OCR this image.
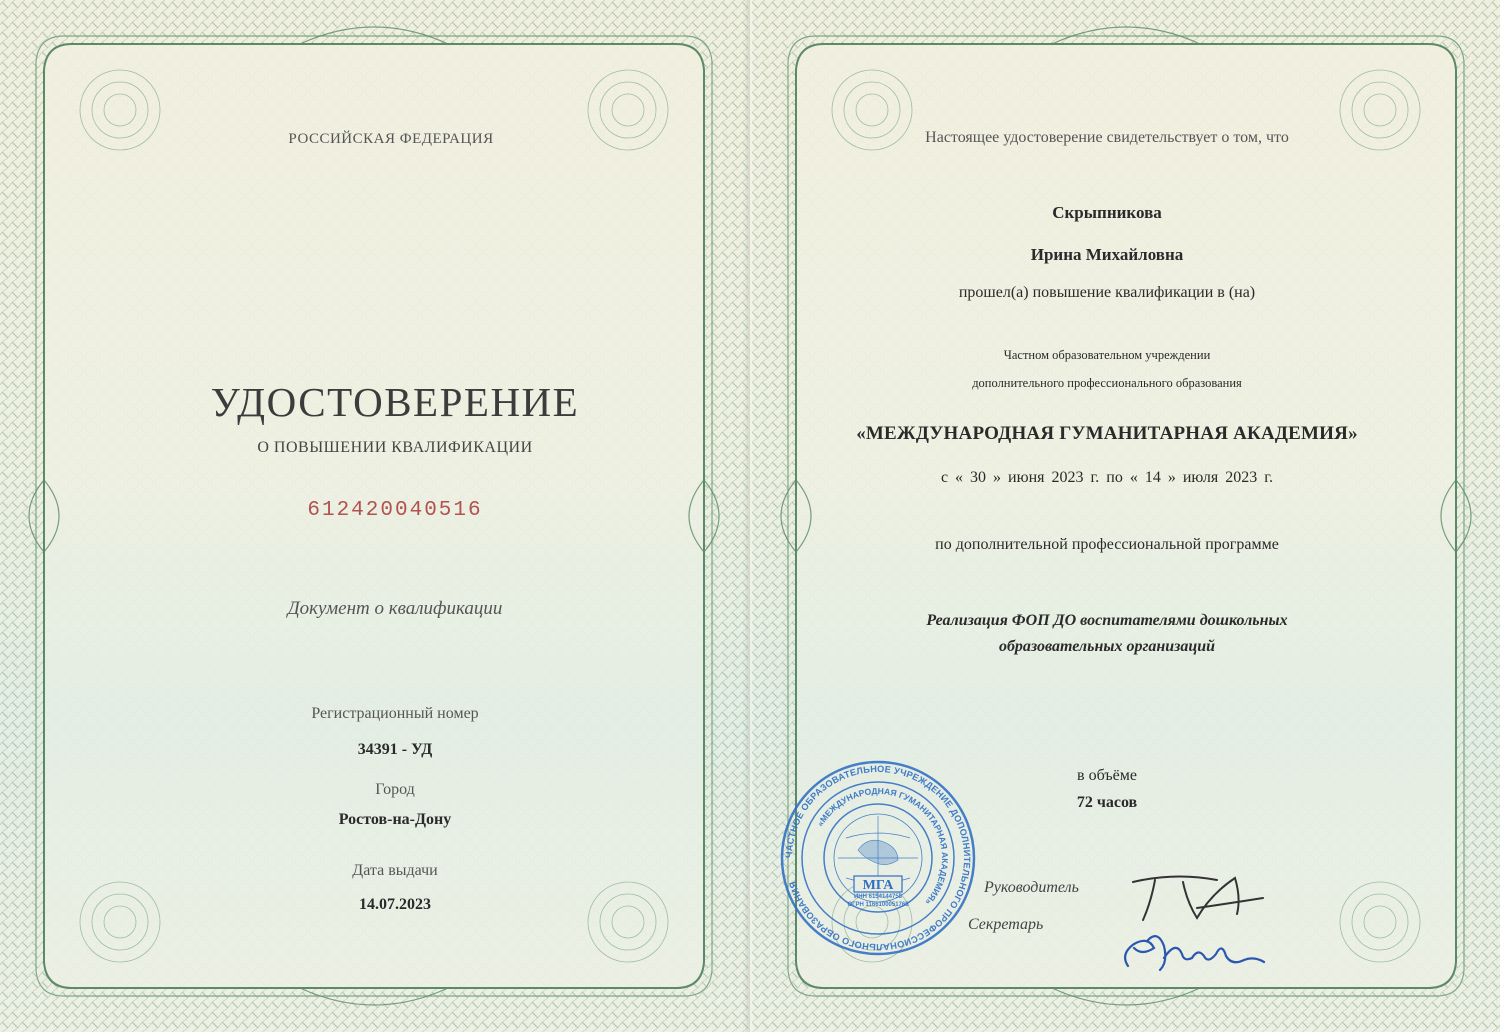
РОССИЙСКАЯ ФЕДЕРАЦИЯ
УДОСТОВЕРЕНИЕ
О ПОВЫШЕНИИ КВАЛИФИКАЦИИ
612420040516
Документ о квалификации
Регистрационный номер
34391 - УД
Город
Ростов-на-Дону
Дата выдачи
14.07.2023
Настоящее удостоверение свидетельствует о том, что
Скрыпникова
Ирина Михайловна
прошел(а) повышение квалификации в (на)
Частном образовательном учреждении
дополнительного профессионального образования
«МЕЖДУНАРОДНАЯ ГУМАНИТАРНАЯ АКАДЕМИЯ»
с « 30 » июня 2023 г. по « 14 » июля 2023 г.
по дополнительной профессиональной программе
Реализация ФОП ДО воспитателями дошкольных
образовательных организаций
в объёме
72 часов
Руководитель
Секретарь
ЧАСТНОЕ ОБРАЗОВАТЕЛЬНОЕ УЧРЕЖДЕНИЕ ДОПОЛНИТЕЛЬНОГО ПРОФЕССИОНАЛЬНОГО ОБРАЗОВАНИЯ
«МЕЖДУНАРОДНАЯ ГУМАНИТАРНАЯ АКАДЕМИЯ»
ИНН 6154144758
ОГРН 1166100051765
МГА
